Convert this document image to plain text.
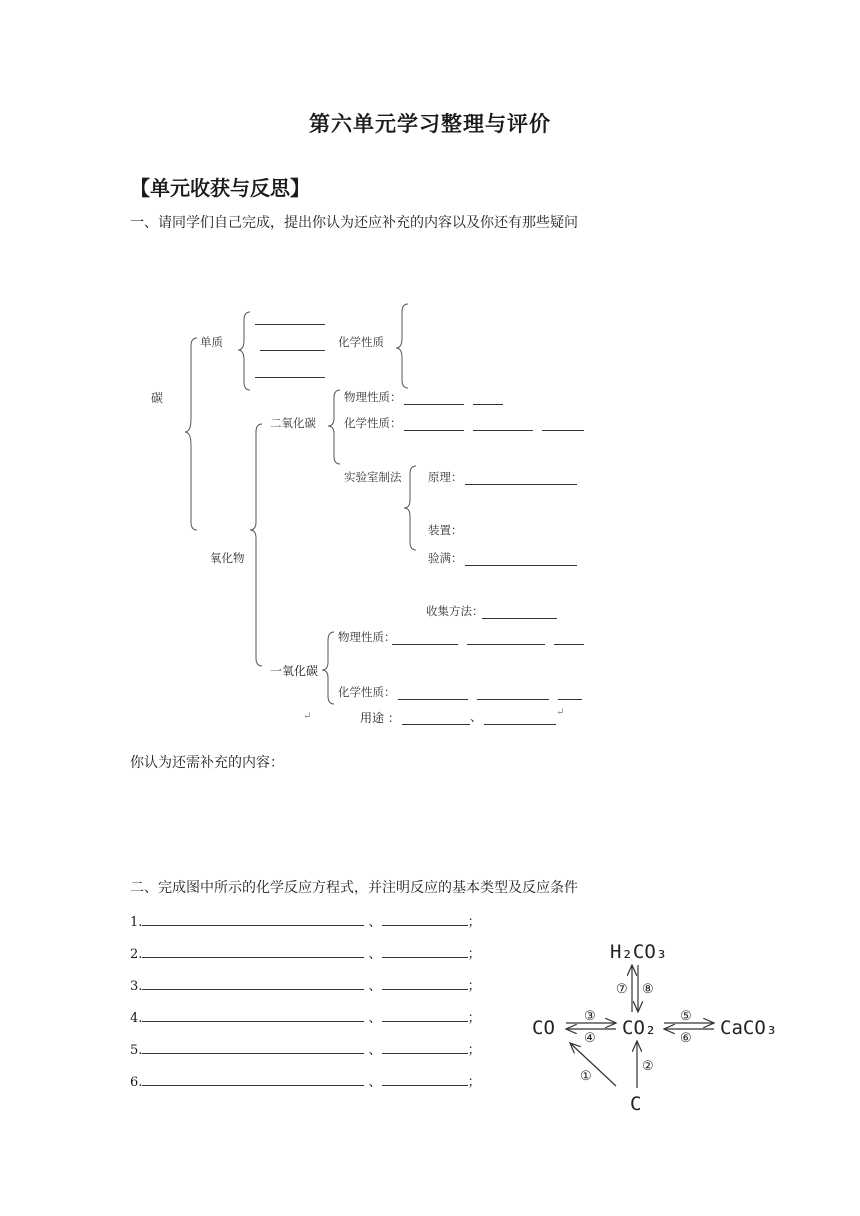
第六单元学习整理与评价
【单元收获与反思】
一、请同学们自己完成，提出你认为还应补充的内容以及你还有那些疑问
碳
单质	化学性质
物理性质：

二氧化碳 化学性质：

实验室制法 原理：
装置：
验满：
氧化物
收集方法：
物理性质：

一氧化碳
化学性质：

↵	用途 ：	、	↵
你认为还需补充的内容：
二、完成图中所示的化学反应方程式，并注明反应的基本类型及反应条件
1.	、	；
2.	、	；
3.	、	；
4.	、	；
5.	、	；
6.	、	；
H₂CO₃
CO	CO₂	CaCO₃
C
⑦ ⑧
③
④
⑤
⑥
①
②
